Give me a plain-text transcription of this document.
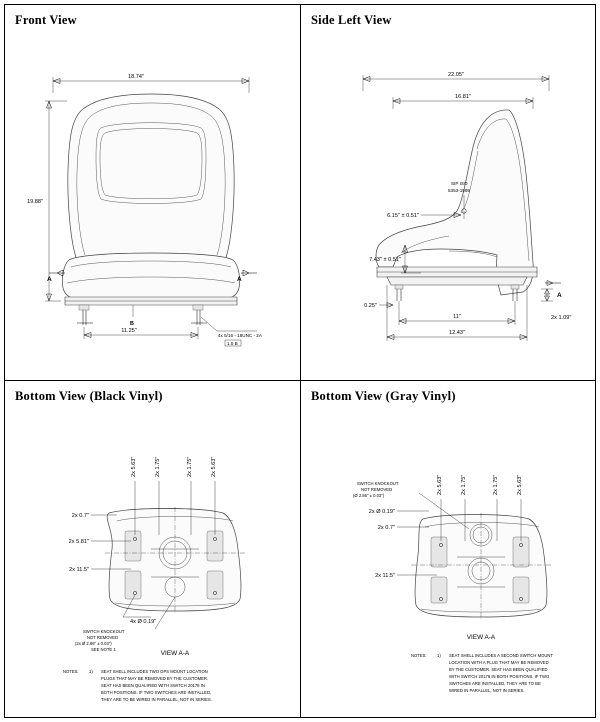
Front View
A	A
B
18.74"
19.88"
11.25"
4x 5/16 - 18UNC - 2A
1.5 B
Side Left View
A
22.05"
16.81"
SIP ISO
5353-1995
6.15" ± 0.51"
7.43" ± 0.51"
0.25"
11"
12.43"
2x 1.09"
Bottom View (Black Vinyl)
2x 5.63"	2x 1.75"	2x 1.75"	2x 5.63"
2x 0.7"
2x 5.81"
2x 11.5"
4x Ø 0.19"
SWITCH KNOCKOUT
NOT REMOVED
(2x Ø 2.86" ± 0.03")
SEE NOTE 1
VIEW A-A
NOTES: 1) SEAT SHELL INCLUDES TWO OPS MOUNT LOCATION
PLUGS THAT MAY BE REMOVED BY THE CUSTOMER.
SEAT HAS BEEN QUALIFIED WITH SWITCH 20178 IN
BOTH POSITIONS. IF TWO SWITCHES ARE INSTALLED,
THEY ARE TO BE WIRED IN PARALLEL, NOT IN SERIES.
Bottom View (Gray Vinyl)
SWITCH KNOCKOUT
NOT REMOVED
(Ø 2.86" ± 0.03")
2x 5.63"	2x 1.75"	2x 1.75"	2x 5.63"
2x Ø 0.19"
2x 0.7"
2x 11.5"
VIEW A-A
NOTES: 1) SEAT SHELL INCLUDES A SECOND SWITCH MOUNT
LOCATION WITH A PLUG THAT MAY BE REMOVED
BY THE CUSTOMER. SEAT HAS BEEN QUALIFIED
WITH SWITCH 20178 IN BOTH POSITIONS. IF TWO
SWITCHES ARE INSTALLED, THEY ARE TO BE
WIRED IN PARALLEL, NOT IN SERIES.
